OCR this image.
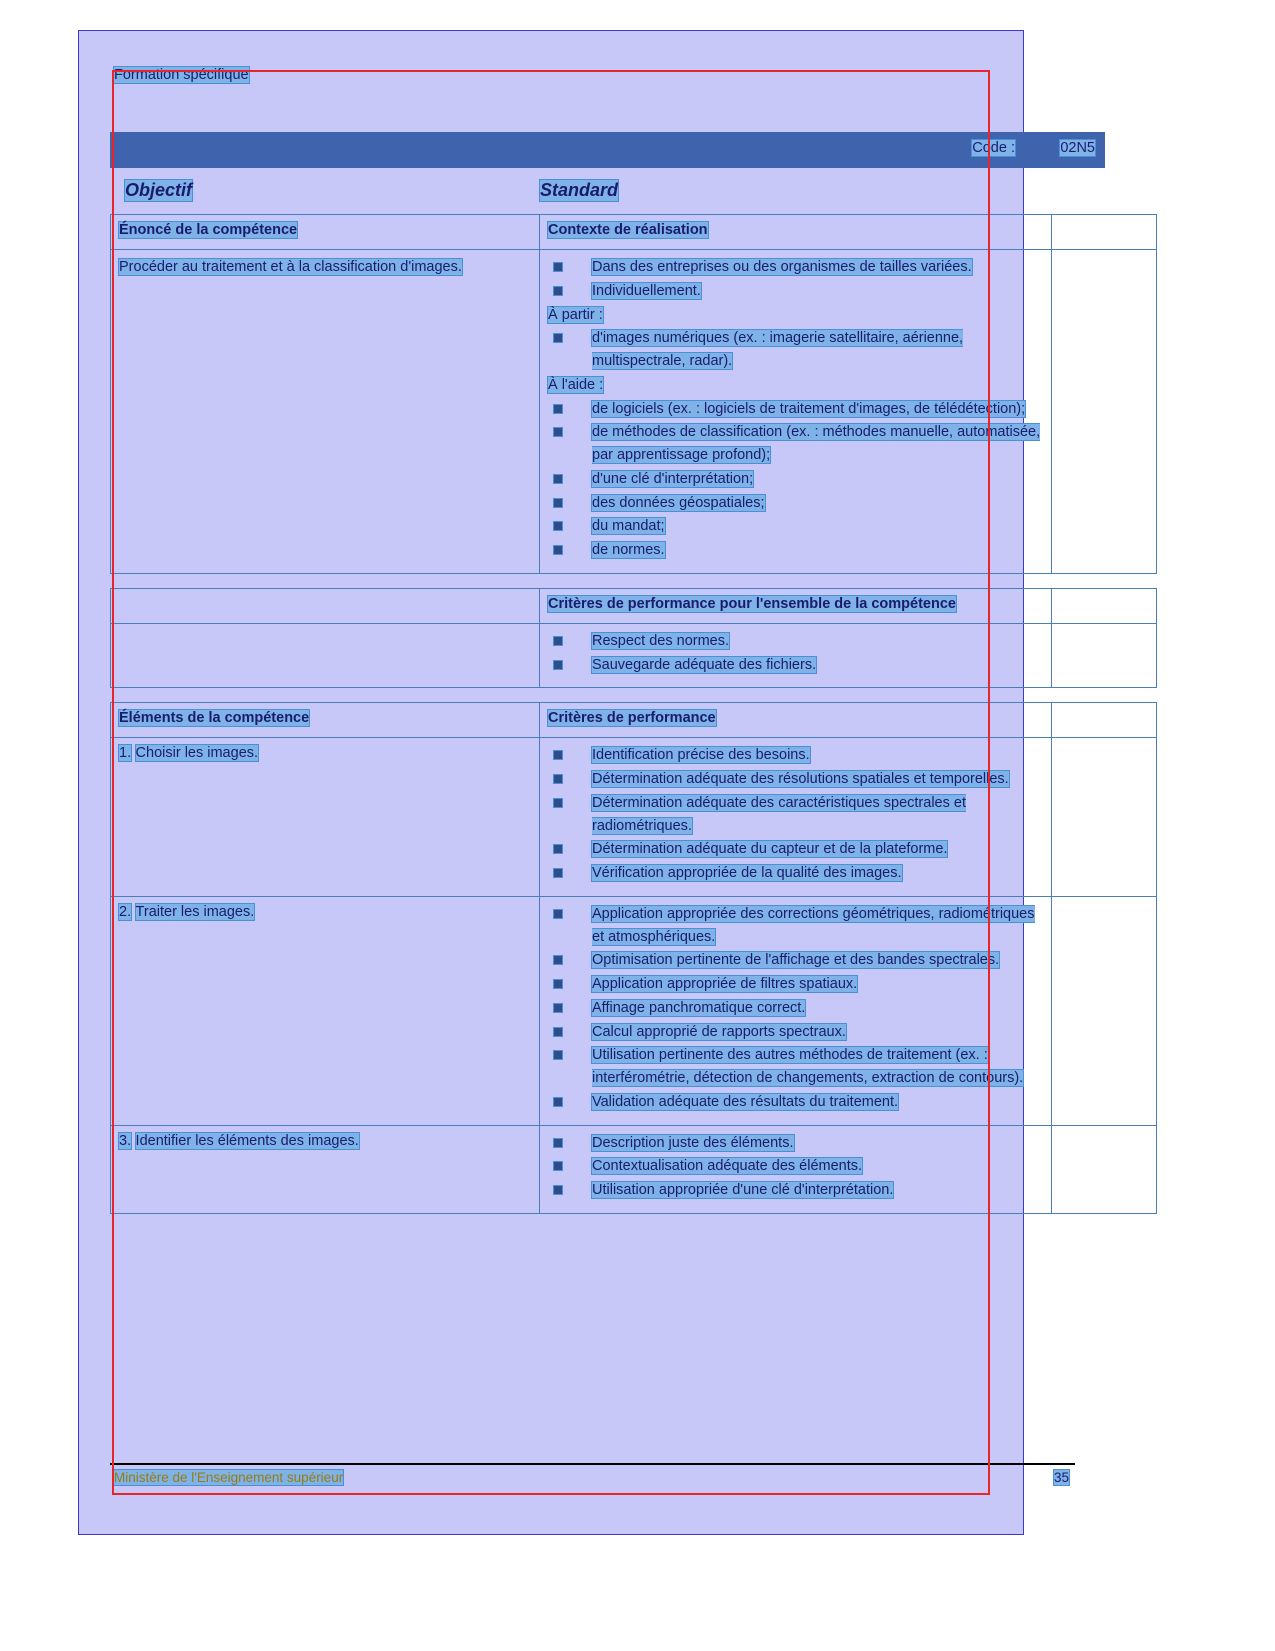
Formation spécifique
Code :	02N5
Objectif	Standard
Énoncé de la compétence	Contexte de réalisation	
Procéder au traitement et à la classification d'images.	Dans des entreprises ou des organismes de tailles variées.
Individuellement.
À partir :
d'images numériques (ex. : imagerie satellitaire, aérienne, multispectrale, radar).
À l'aide :
de logiciels (ex. : logiciels de traitement d'images, de télédétection);
de méthodes de classification (ex. : méthodes manuelle, automatisée, par apprentissage profond);
d'une clé d'interprétation;
des données géospatiales;
du mandat;
de normes.

	Critères de performance pour l'ensemble de la compétence	

Respect des normes.
Sauvegarde adéquate des fichiers.

Éléments de la compétence	Critères de performance	
1. Choisir les images.	Identification précise des besoins.
Détermination adéquate des résolutions spatiales et temporelles.
Détermination adéquate des caractéristiques spectrales et radiométriques.
Détermination adéquate du capteur et de la plateforme.
Vérification appropriée de la qualité des images.

2. Traiter les images.	Application appropriée des corrections géométriques, radiométriques et atmosphériques.
Optimisation pertinente de l'affichage et des bandes spectrales.
Application appropriée de filtres spatiaux.
Affinage panchromatique correct.
Calcul approprié de rapports spectraux.
Utilisation pertinente des autres méthodes de traitement (ex. : interférométrie, détection de changements, extraction de contours).
Validation adéquate des résultats du traitement.

3. Identifier les éléments des images.	Description juste des éléments.
Contextualisation adéquate des éléments.
Utilisation appropriée d'une clé d'interprétation.

Ministère de l'Enseignement supérieur	35
